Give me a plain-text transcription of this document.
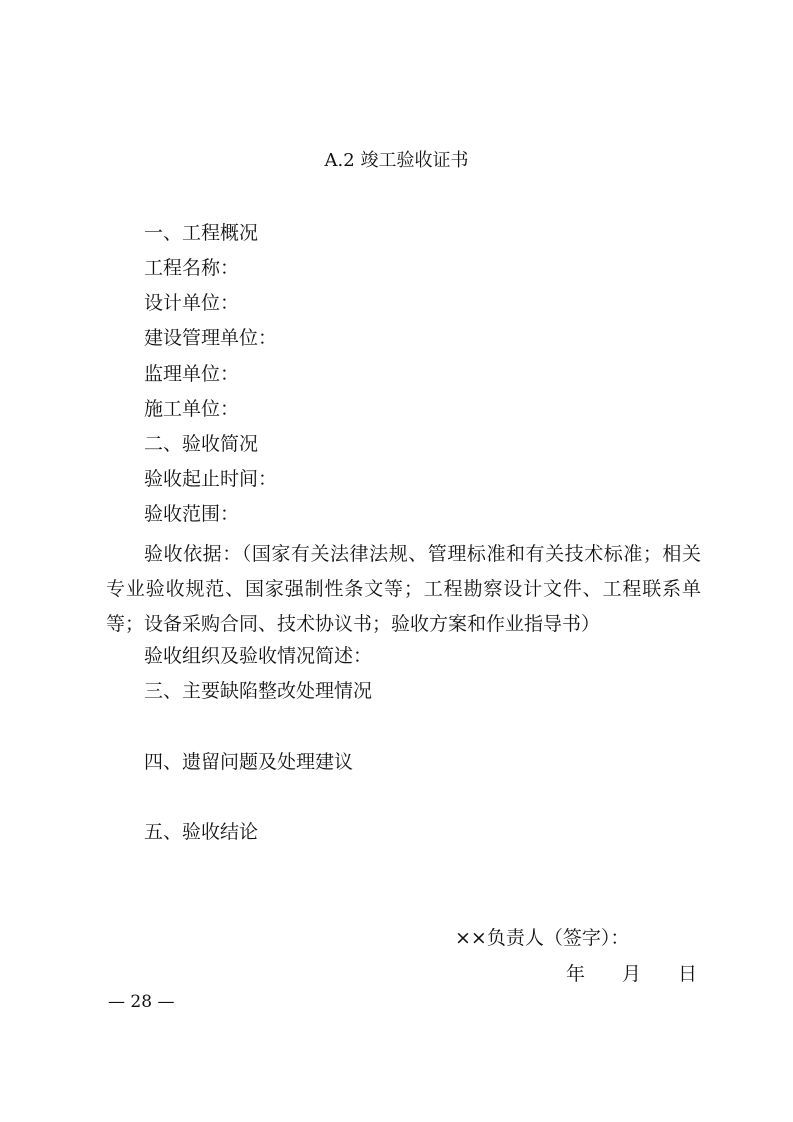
A.2 竣工验收证书
一、工程概况
工程名称：
设计单位：
建设管理单位：
监理单位：
施工单位：
二、验收简况
验收起止时间：
验收范围：
验收依据：（国家有关法律法规、管理标准和有关技术标准；相关专业验收规范、国家强制性条文等；工程勘察设计文件、工程联系单等；设备采购合同、技术协议书；验收方案和作业指导书）
验收组织及验收情况简述：
三、主要缺陷整改处理情况
四、遗留问题及处理建议
五、验收结论
××负责人（签字）：
年 月 日
— 28 —
